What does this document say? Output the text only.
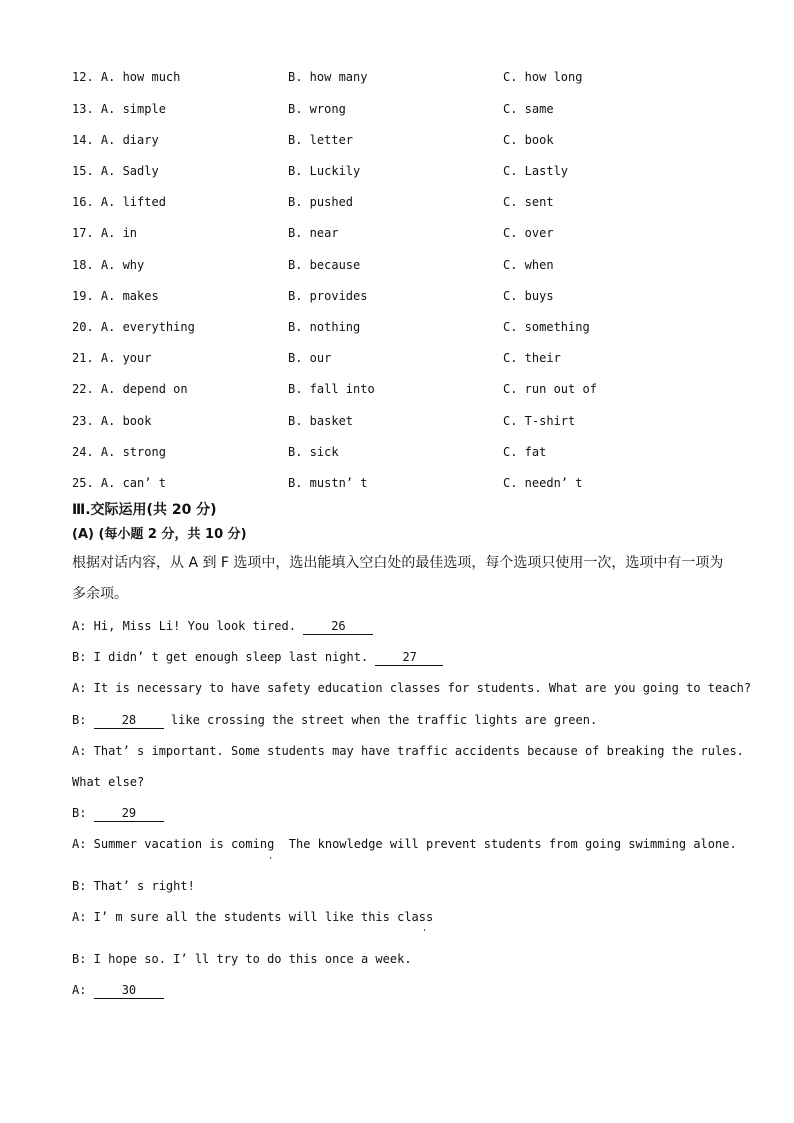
12. A. how much	B. how many	C. how long
13. A. simple	B. wrong	C. same
14. A. diary	B. letter	C. book
15. A. Sadly	B. Luckily	C. Lastly
16. A. lifted	B. pushed	C. sent
17. A. in	B. near	C. over
18. A. why	B. because	C. when
19. A. makes	B. provides	C. buys
20. A. everything	B. nothing	C. something
21. A. your	B. our	C. their
22. A. depend on	B. fall into	C. run out of
23. A. book	B. basket	C. T-shirt
24. A. strong	B. sick	C. fat
25. A. can’ t	B. mustn’ t	C. needn’ t
Ⅲ.交际运用(共 20 分)
(A) (每小题 2 分，共 10 分)
根据对话内容，从 A 到 F 选项中，选出能填入空白处的最佳选项，每个选项只使用一次，选项中有一项为
多余项。
A: Hi, Miss Li! You look tired. 26
B: I didn’ t get enough sleep last night. 27
A: It is necessary to have safety education classes for students. What are you going to teach?
B: 28 like crossing the street when the traffic lights are green.
A: That’ s important. Some students may have traffic accidents because of breaking the rules.
What else?
B: 29
A: Summer vacation is coming  The knowledge will prevent students from going swimming alone.
B: That’ s right!
A: I’ m sure all the students will like this class
B: I hope so. I’ ll try to do this once a week.
A: 30
